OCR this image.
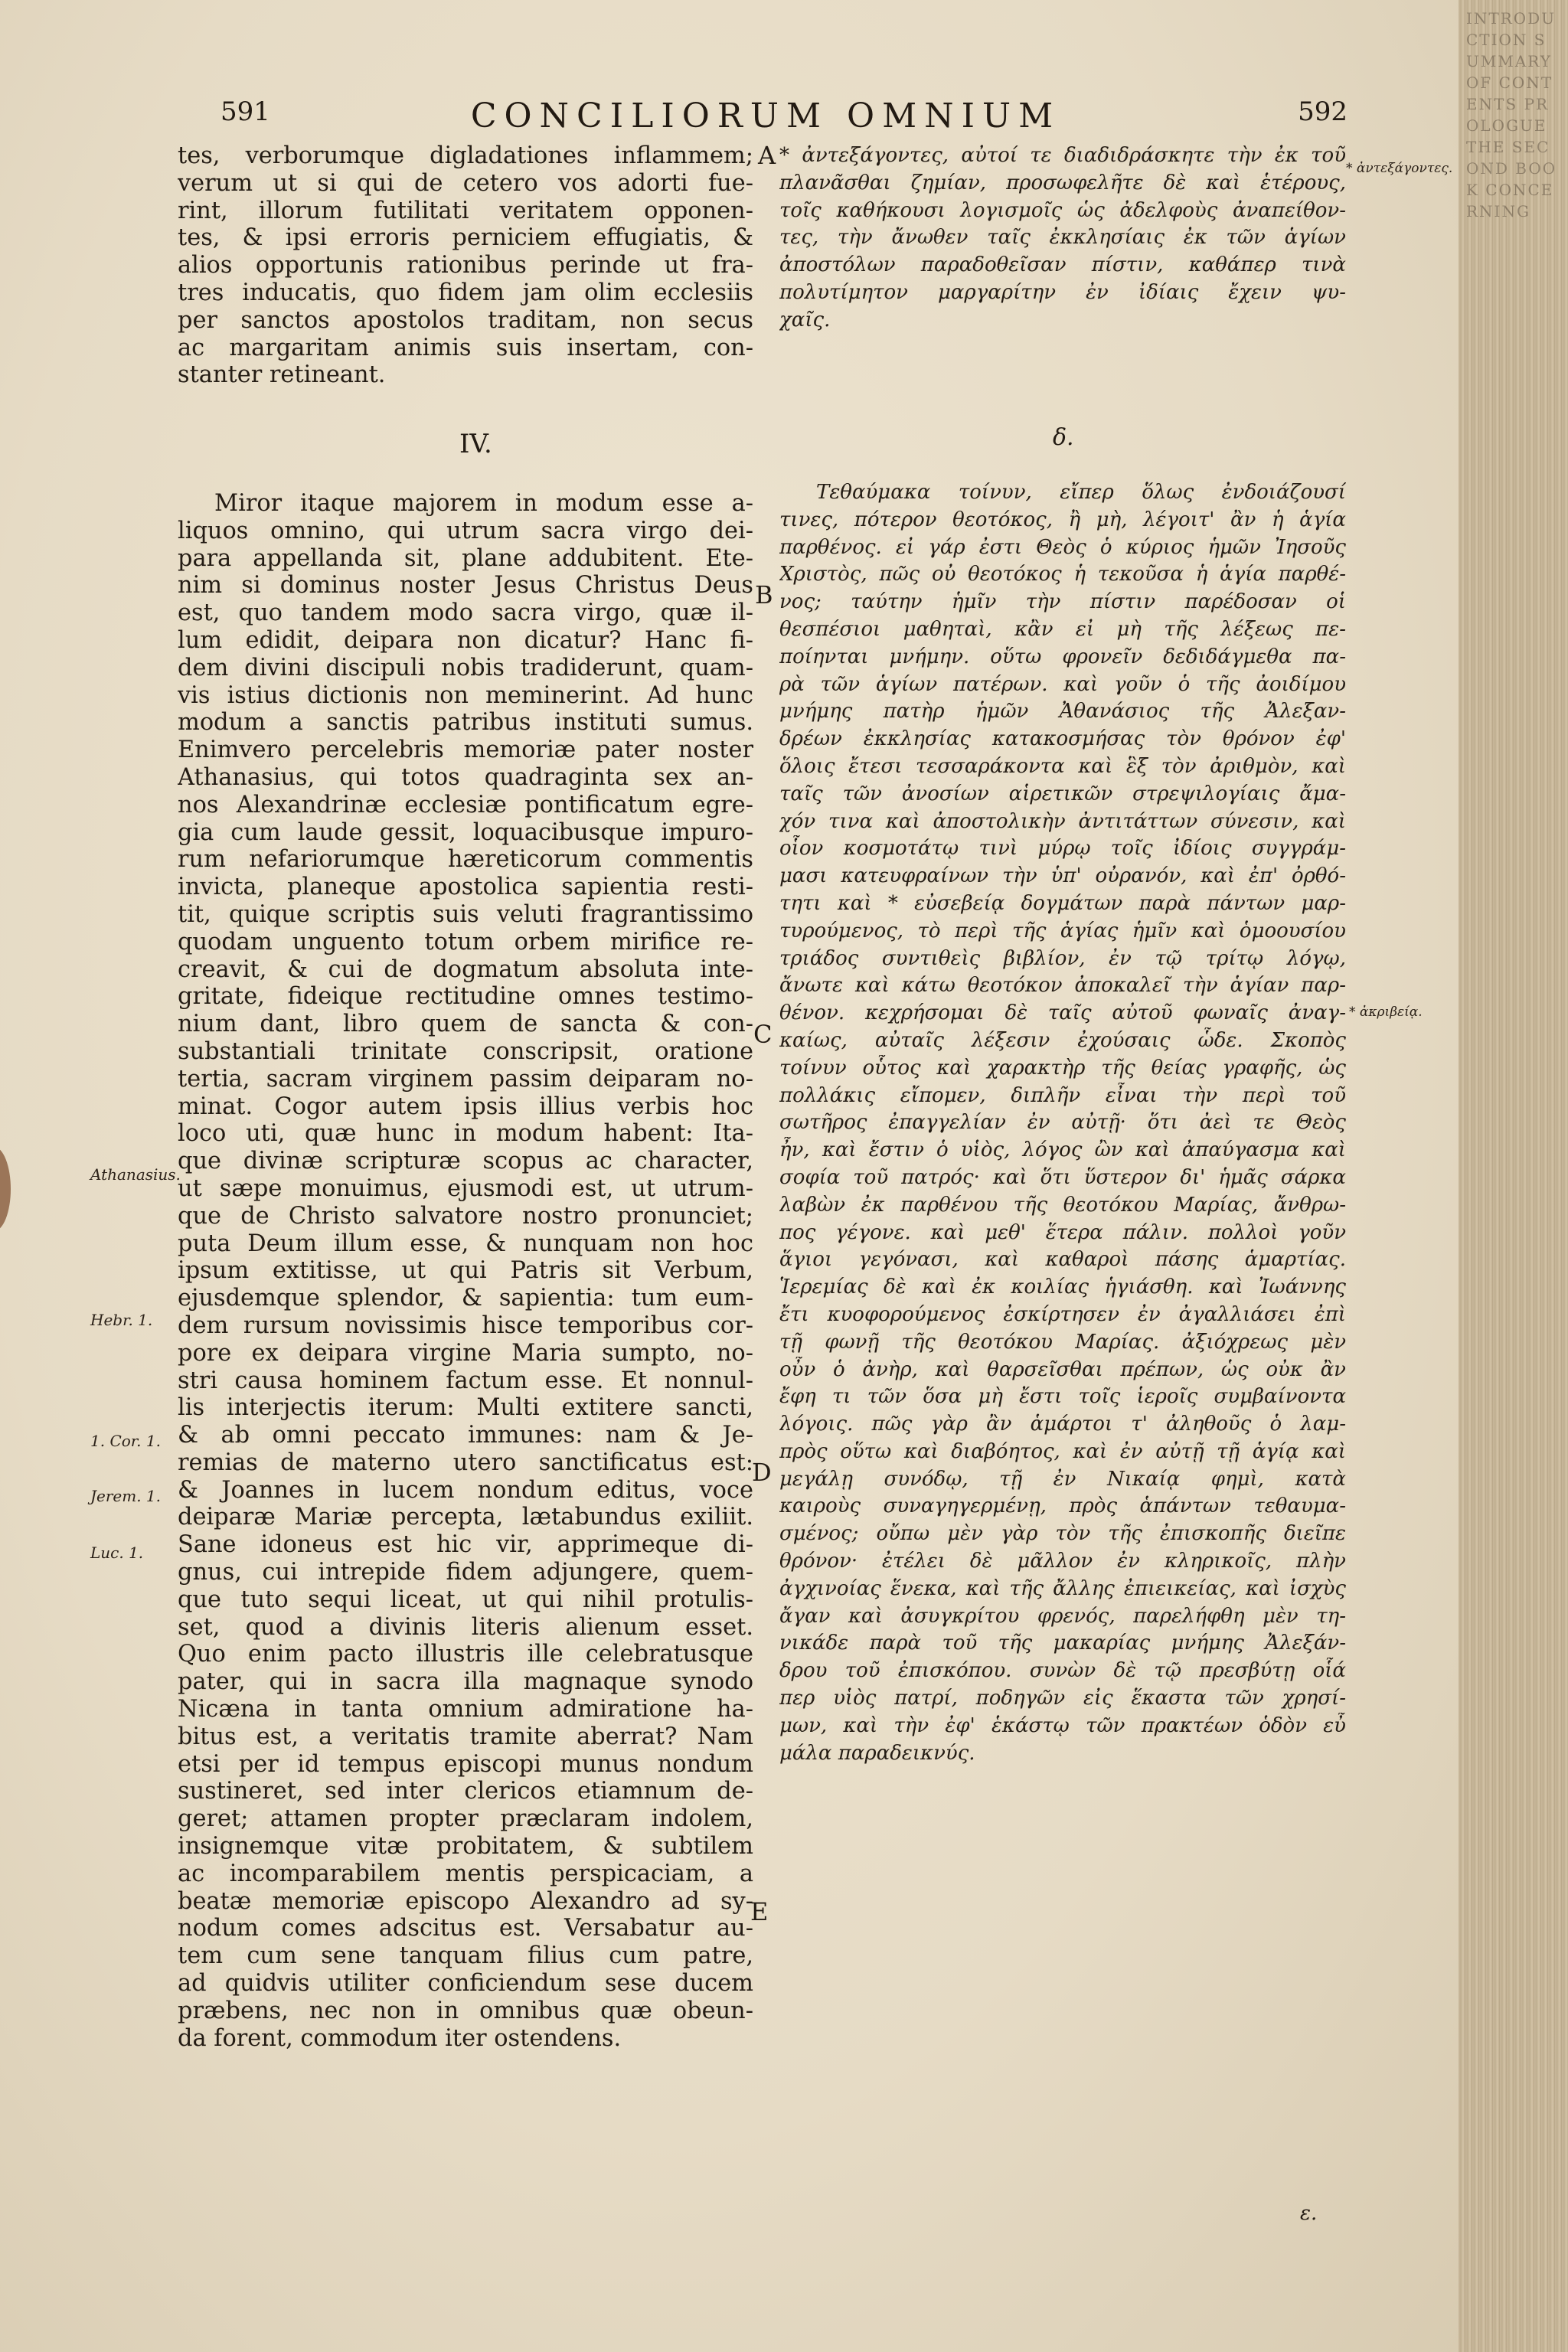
INTRODUCTION SUMMARY OF CONTENTS PROLOGUE THE SECOND BOOK CONCERNING
591	CONCILIORUM OMNIUM	592
tes, verborumque digladationes inflammem;
verum ut si qui de cetero vos adorti fue-
rint, illorum futilitati veritatem opponen-
tes, & ipsi erroris perniciem effugiatis, &
alios opportunis rationibus perinde ut fra-
tres inducatis, quo fidem jam olim ecclesiis
per sanctos apostolos traditam, non secus
ac margaritam animis suis insertam, con-
stanter retineant.
IV.
Miror itaque majorem in modum esse a-
liquos omnino, qui utrum sacra virgo dei-
para appellanda sit, plane addubitent. Ete-
nim si dominus noster Jesus Christus Deus
est, quo tandem modo sacra virgo, quæ il-
lum edidit, deipara non dicatur? Hanc fi-
dem divini discipuli nobis tradiderunt, quam-
vis istius dictionis non meminerint. Ad hunc
modum a sanctis patribus instituti sumus.
Enimvero percelebris memoriæ pater noster
Athanasius, qui totos quadraginta sex an-
nos Alexandrinæ ecclesiæ pontificatum egre-
gia cum laude gessit, loquacibusque impuro-
rum nefariorumque hæreticorum commentis
invicta, planeque apostolica sapientia resti-
tit, quique scriptis suis veluti fragrantissimo
quodam unguento totum orbem mirifice re-
creavit, & cui de dogmatum absoluta inte-
gritate, fideique rectitudine omnes testimo-
nium dant, libro quem de sancta & con-
substantiali trinitate conscripsit, oratione
tertia, sacram virginem passim deiparam no-
minat. Cogor autem ipsis illius verbis hoc
loco uti, quæ hunc in modum habent: Ita-
que divinæ scripturæ scopus ac character,
ut sæpe monuimus, ejusmodi est, ut utrum-
que de Christo salvatore nostro pronunciet;
puta Deum illum esse, & nunquam non hoc
ipsum extitisse, ut qui Patris sit Verbum,
ejusdemque splendor, & sapientia: tum eum-
dem rursum novissimis hisce temporibus cor-
pore ex deipara virgine Maria sumpto, no-
stri causa hominem factum esse. Et nonnul-
lis interjectis iterum: Multi extitere sancti,
& ab omni peccato immunes: nam & Je-
remias de materno utero sanctificatus est:
& Joannes in lucem nondum editus, voce
deiparæ Mariæ percepta, lætabundus exiliit.
Sane idoneus est hic vir, apprimeque di-
gnus, cui intrepide fidem adjungere, quem-
que tuto sequi liceat, ut qui nihil protulis-
set, quod a divinis literis alienum esset.
Quo enim pacto illustris ille celebratusque
pater, qui in sacra illa magnaque synodo
Nicæna in tanta omnium admiratione ha-
bitus est, a veritatis tramite aberrat? Nam
etsi per id tempus episcopi munus nondum
sustineret, sed inter clericos etiamnum de-
geret; attamen propter præclaram indolem,
insignemque vitæ probitatem, & subtilem
ac incomparabilem mentis perspicaciam, a
beatæ memoriæ episcopo Alexandro ad sy-
nodum comes adscitus est. Versabatur au-
tem cum sene tanquam filius cum patre,
ad quidvis utiliter conficiendum sese ducem
præbens, nec non in omnibus quæ obeun-
da forent, commodum iter ostendens.
* ἀντεξάγοντες, αὐτοί τε διαδιδράσκητε τὴν ἐκ τοῦ
πλανᾶσθαι ζημίαν, προσωφελῆτε δὲ καὶ ἑτέρους,
τοῖς καθήκουσι λογισμοῖς ὡς ἀδελφοὺς ἀναπείθον-
τες, τὴν ἄνωθεν ταῖς ἐκκλησίαις ἐκ τῶν ἁγίων
ἀποστόλων παραδοθεῖσαν πίστιν, καθάπερ τινὰ
πολυτίμητον μαργαρίτην ἐν ἰδίαις ἔχειν ψυ-
χαῖς.
δ.
Τεθαύμακα τοίνυν, εἴπερ ὅλως ἐνδοιάζουσί
τινες, πότερον θεοτόκος, ἢ μὴ, λέγοιτ' ἂν ἡ ἁγία
παρθένος. εἰ γάρ ἐστι Θεὸς ὁ κύριος ἡμῶν Ἰησοῦς
Χριστὸς, πῶς οὐ θεοτόκος ἡ τεκοῦσα ἡ ἁγία παρθέ-
νος; ταύτην ἡμῖν τὴν πίστιν παρέδοσαν οἱ
θεσπέσιοι μαθηταὶ, κἂν εἰ μὴ τῆς λέξεως πε-
ποίηνται μνήμην. οὕτω φρονεῖν δεδιδάγμεθα πα-
ρὰ τῶν ἁγίων πατέρων. καὶ γοῦν ὁ τῆς ἀοιδίμου
μνήμης πατὴρ ἡμῶν Ἀθανάσιος τῆς Ἀλεξαν-
δρέων ἐκκλησίας κατακοσμήσας τὸν θρόνον ἐφ'
ὅλοις ἔτεσι τεσσαράκοντα καὶ ἓξ τὸν ἀριθμὸν, καὶ
ταῖς τῶν ἀνοσίων αἱρετικῶν στρεψιλογίαις ἄμα-
χόν τινα καὶ ἀποστολικὴν ἀντιτάττων σύνεσιν, καὶ
οἷον κοσμοτάτῳ τινὶ μύρῳ τοῖς ἰδίοις συγγράμ-
μασι κατευφραίνων τὴν ὑπ' οὐρανόν, καὶ ἐπ' ὀρθό-
τητι καὶ * εὐσεβείᾳ δογμάτων παρὰ πάντων μαρ-
τυρούμενος, τὸ περὶ τῆς ἁγίας ἡμῖν καὶ ὁμοουσίου
τριάδος συντιθεὶς βιβλίον, ἐν τῷ τρίτῳ λόγῳ,
ἄνωτε καὶ κάτω θεοτόκον ἀποκαλεῖ τὴν ἁγίαν παρ-
θένον. κεχρήσομαι δὲ ταῖς αὐτοῦ φωναῖς ἀναγ-
καίως, αὐταῖς λέξεσιν ἐχούσαις ὧδε. Σκοπὸς
τοίνυν οὗτος καὶ χαρακτὴρ τῆς θείας γραφῆς, ὡς
πολλάκις εἴπομεν, διπλῆν εἶναι τὴν περὶ τοῦ
σωτῆρος ἐπαγγελίαν ἐν αὐτῇ· ὅτι ἀεὶ τε Θεὸς
ἦν, καὶ ἔστιν ὁ υἱὸς, λόγος ὢν καὶ ἀπαύγασμα καὶ
σοφία τοῦ πατρός· καὶ ὅτι ὕστερον δι' ἡμᾶς σάρκα
λαβὼν ἐκ παρθένου τῆς θεοτόκου Μαρίας, ἄνθρω-
πος γέγονε. καὶ μεθ' ἕτερα πάλιν. πολλοὶ γοῦν
ἅγιοι γεγόνασι, καὶ καθαροὶ πάσης ἁμαρτίας.
Ἱερεμίας δὲ καὶ ἐκ κοιλίας ἡγιάσθη. καὶ Ἰωάννης
ἔτι κυοφορούμενος ἐσκίρτησεν ἐν ἀγαλλιάσει ἐπὶ
τῇ φωνῇ τῆς θεοτόκου Μαρίας. ἀξιόχρεως μὲν
οὖν ὁ ἀνὴρ, καὶ θαρσεῖσθαι πρέπων, ὡς οὐκ ἂν
ἔφη τι τῶν ὅσα μὴ ἔστι τοῖς ἱεροῖς συμβαίνοντα
λόγοις. πῶς γὰρ ἂν ἁμάρτοι τ' ἀληθοῦς ὁ λαμ-
πρὸς οὕτω καὶ διαβόητος, καὶ ἐν αὐτῇ τῇ ἁγίᾳ καὶ
μεγάλῃ συνόδῳ, τῇ ἐν Νικαίᾳ φημὶ, κατὰ
καιροὺς συναγηγερμένῃ, πρὸς ἁπάντων τεθαυμα-
σμένος; οὔπω μὲν γὰρ τὸν τῆς ἐπισκοπῆς διεῖπε
θρόνον· ἐτέλει δὲ μᾶλλον ἐν κληρικοῖς, πλὴν
ἀγχινοίας ἕνεκα, καὶ τῆς ἄλλης ἐπιεικείας, καὶ ἰσχὺς
ἄγαν καὶ ἀσυγκρίτου φρενός, παρελήφθη μὲν τη-
νικάδε παρὰ τοῦ τῆς μακαρίας μνήμης Ἀλεξάν-
δρου τοῦ ἐπισκόπου. συνὼν δὲ τῷ πρεσβύτῃ οἷά
περ υἱὸς πατρί, ποδηγῶν εἰς ἕκαστα τῶν χρησί-
μων, καὶ τὴν ἐφ' ἑκάστῳ τῶν πρακτέων ὁδὸν εὖ
μάλα παραδεικνύς.
ε.
Athanasius.
Hebr. 1.
1. Cor. 1.
Jerem. 1.
Luc. 1.
* ἀντεξάγοντες.
* ἀκριβείᾳ.
A
B
C
D
E
